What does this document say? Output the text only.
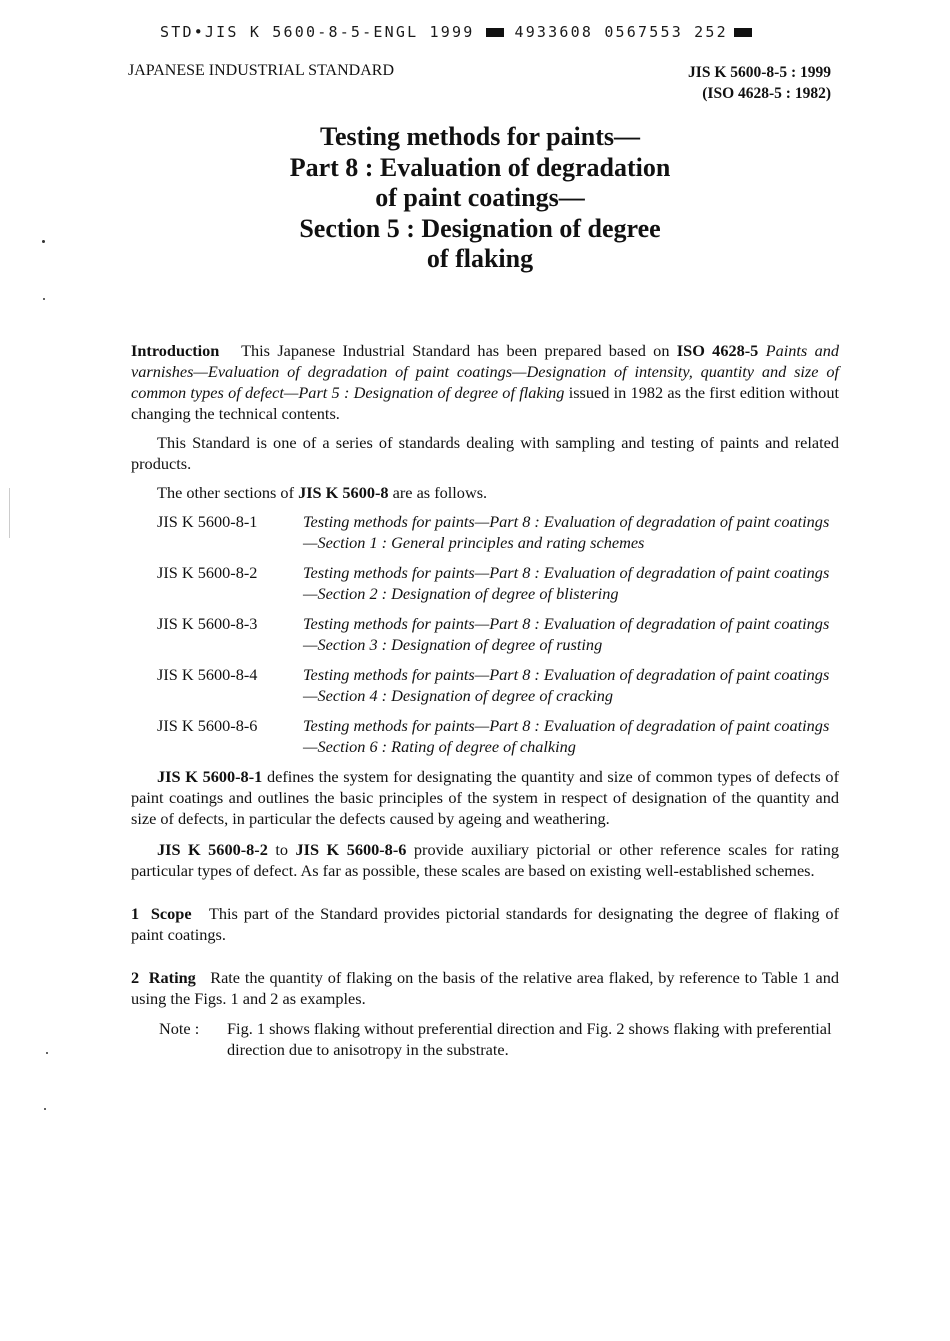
STD•JIS K 5600-8-5-ENGL 1999	4933608 0567553 252
JAPANESE INDUSTRIAL STANDARD	JIS K 5600-8-5 : 1999
(ISO 4628-5 : 1982)
Testing methods for paints—
Part 8 : Evaluation of degradation
of paint coatings—
Section 5 : Designation of degree
of flaking

Introduction This Japanese Industrial Standard has been prepared based on ISO 4628-5 Paints and varnishes—Evaluation of degradation of paint coatings—Designation of intensity, quantity and size of common types of defect—Part 5 : Designation of degree of flaking issued in 1982 as the first edition without changing the technical contents.

This Standard is one of a series of standards dealing with sampling and testing of paints and related products.

The other sections of JIS K 5600-8 are as follows.

JIS K 5600-8-1	Testing methods for paints—Part 8 : Evaluation of degradation of paint coatings—Section 1 : General principles and rating schemes
JIS K 5600-8-2	Testing methods for paints—Part 8 : Evaluation of degradation of paint coatings—Section 2 : Designation of degree of blistering
JIS K 5600-8-3	Testing methods for paints—Part 8 : Evaluation of degradation of paint coatings—Section 3 : Designation of degree of rusting
JIS K 5600-8-4	Testing methods for paints—Part 8 : Evaluation of degradation of paint coatings—Section 4 : Designation of degree of cracking
JIS K 5600-8-6	Testing methods for paints—Part 8 : Evaluation of degradation of paint coatings—Section 6 : Rating of degree of chalking

JIS K 5600-8-1 defines the system for designating the quantity and size of common types of defects of paint coatings and outlines the basic principles of the system in respect of designation of the quantity and size of defects, in particular the defects caused by ageing and weathering.

JIS K 5600-8-2 to JIS K 5600-8-6 provide auxiliary pictorial or other reference scales for rating particular types of defect. As far as possible, these scales are based on existing well-established schemes.

1 Scope This part of the Standard provides pictorial standards for designating the degree of flaking of paint coatings.

2 Rating Rate the quantity of flaking on the basis of the relative area flaked, by reference to Table 1 and using the Figs. 1 and 2 as examples.

Note :	Fig. 1 shows flaking without preferential direction and Fig. 2 shows flaking with preferential direction due to anisotropy in the substrate.
